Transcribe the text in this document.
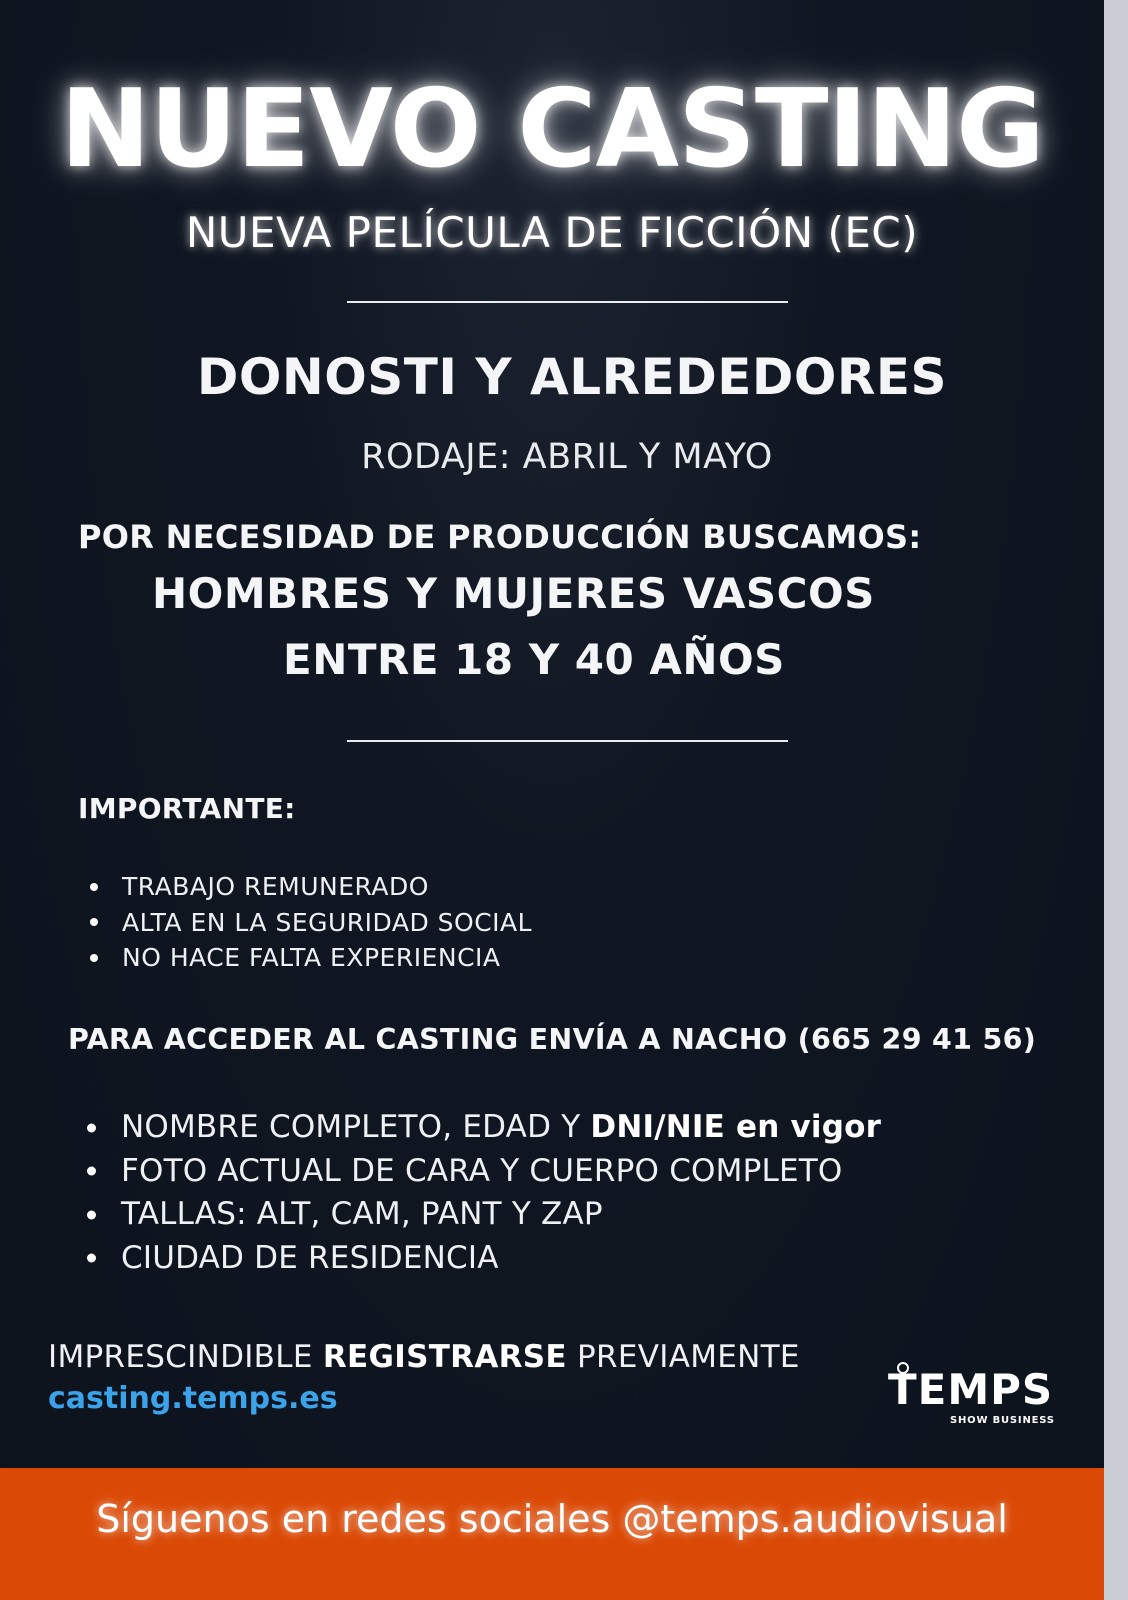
NUEVO CASTING
NUEVA PELÍCULA DE FICCIÓN (EC)
DONOSTI Y ALREDEDORES
RODAJE: ABRIL Y MAYO
POR NECESIDAD DE PRODUCCIÓN BUSCAMOS:
HOMBRES Y MUJERES VASCOS
ENTRE 18 Y 40 AÑOS
IMPORTANTE:
TRABAJO REMUNERADO
ALTA EN LA SEGURIDAD SOCIAL
NO HACE FALTA EXPERIENCIA
PARA ACCEDER AL CASTING ENVÍA A NACHO (665 29 41 56)
NOMBRE COMPLETO, EDAD Y DNI/NIE en vigor
FOTO ACTUAL DE CARA Y CUERPO COMPLETO
TALLAS: ALT, CAM, PANT Y ZAP
CIUDAD DE RESIDENCIA
IMPRESCINDIBLE REGISTRARSE PREVIAMENTE
casting.temps.es	TEMPS
SHOW BUSINESS
Síguenos en redes sociales @temps.audiovisual
